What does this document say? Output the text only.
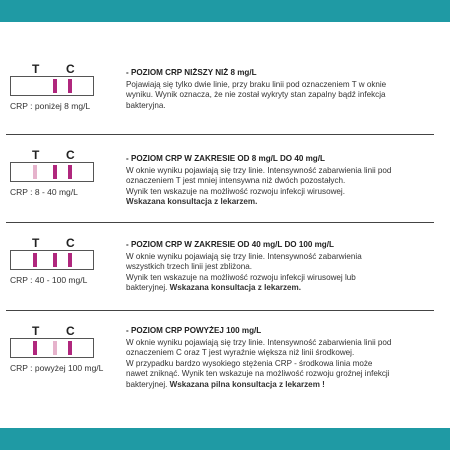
T C
CRP : poniżej 8 mg/L

- POZIOM CRP NIŻSZY NIŻ 8 mg/L

Pojawiają się tylko dwie linie, przy braku linii pod oznaczeniem T w oknie

wyniku. Wynik oznacza, że nie został wykryty stan zapalny bądź infekcja

bakteryjna.

T C
CRP : 8 - 40 mg/L

- POZIOM CRP W ZAKRESIE OD 8 mg/L DO 40 mg/L

W oknie wyniku pojawiają się trzy linie. Intensywność zabarwienia linii pod

oznaczeniem T jest mniej intensywna niż dwóch pozostałych.

Wynik ten wskazuje na możliwość rozwoju infekcji wirusowej.

Wskazana konsultacja z lekarzem.

T C
CRP : 40 - 100 mg/L

- POZIOM CRP W ZAKRESIE OD 40 mg/L DO 100 mg/L

W oknie wyniku pojawiają się trzy linie. Intensywność zabarwienia

wszystkich trzech linii jest zbliżona.

Wynik ten wskazuje na możliwość rozwoju infekcji wirusowej lub

bakteryjnej. Wskazana konsultacja z lekarzem.

T C
CRP : powyżej 100 mg/L

- POZIOM CRP POWYŻEJ 100 mg/L

W oknie wyniku pojawiają się trzy linie. Intensywność zabarwienia linii pod

oznaczeniem C oraz T jest wyraźnie większa niż linii środkowej.

W przypadku bardzo wysokiego stężenia CRP - środkowa linia może

nawet zniknąć. Wynik ten wskazuje na możliwość rozwoju groźnej infekcji

bakteryjnej. Wskazana pilna konsultacja z lekarzem !
